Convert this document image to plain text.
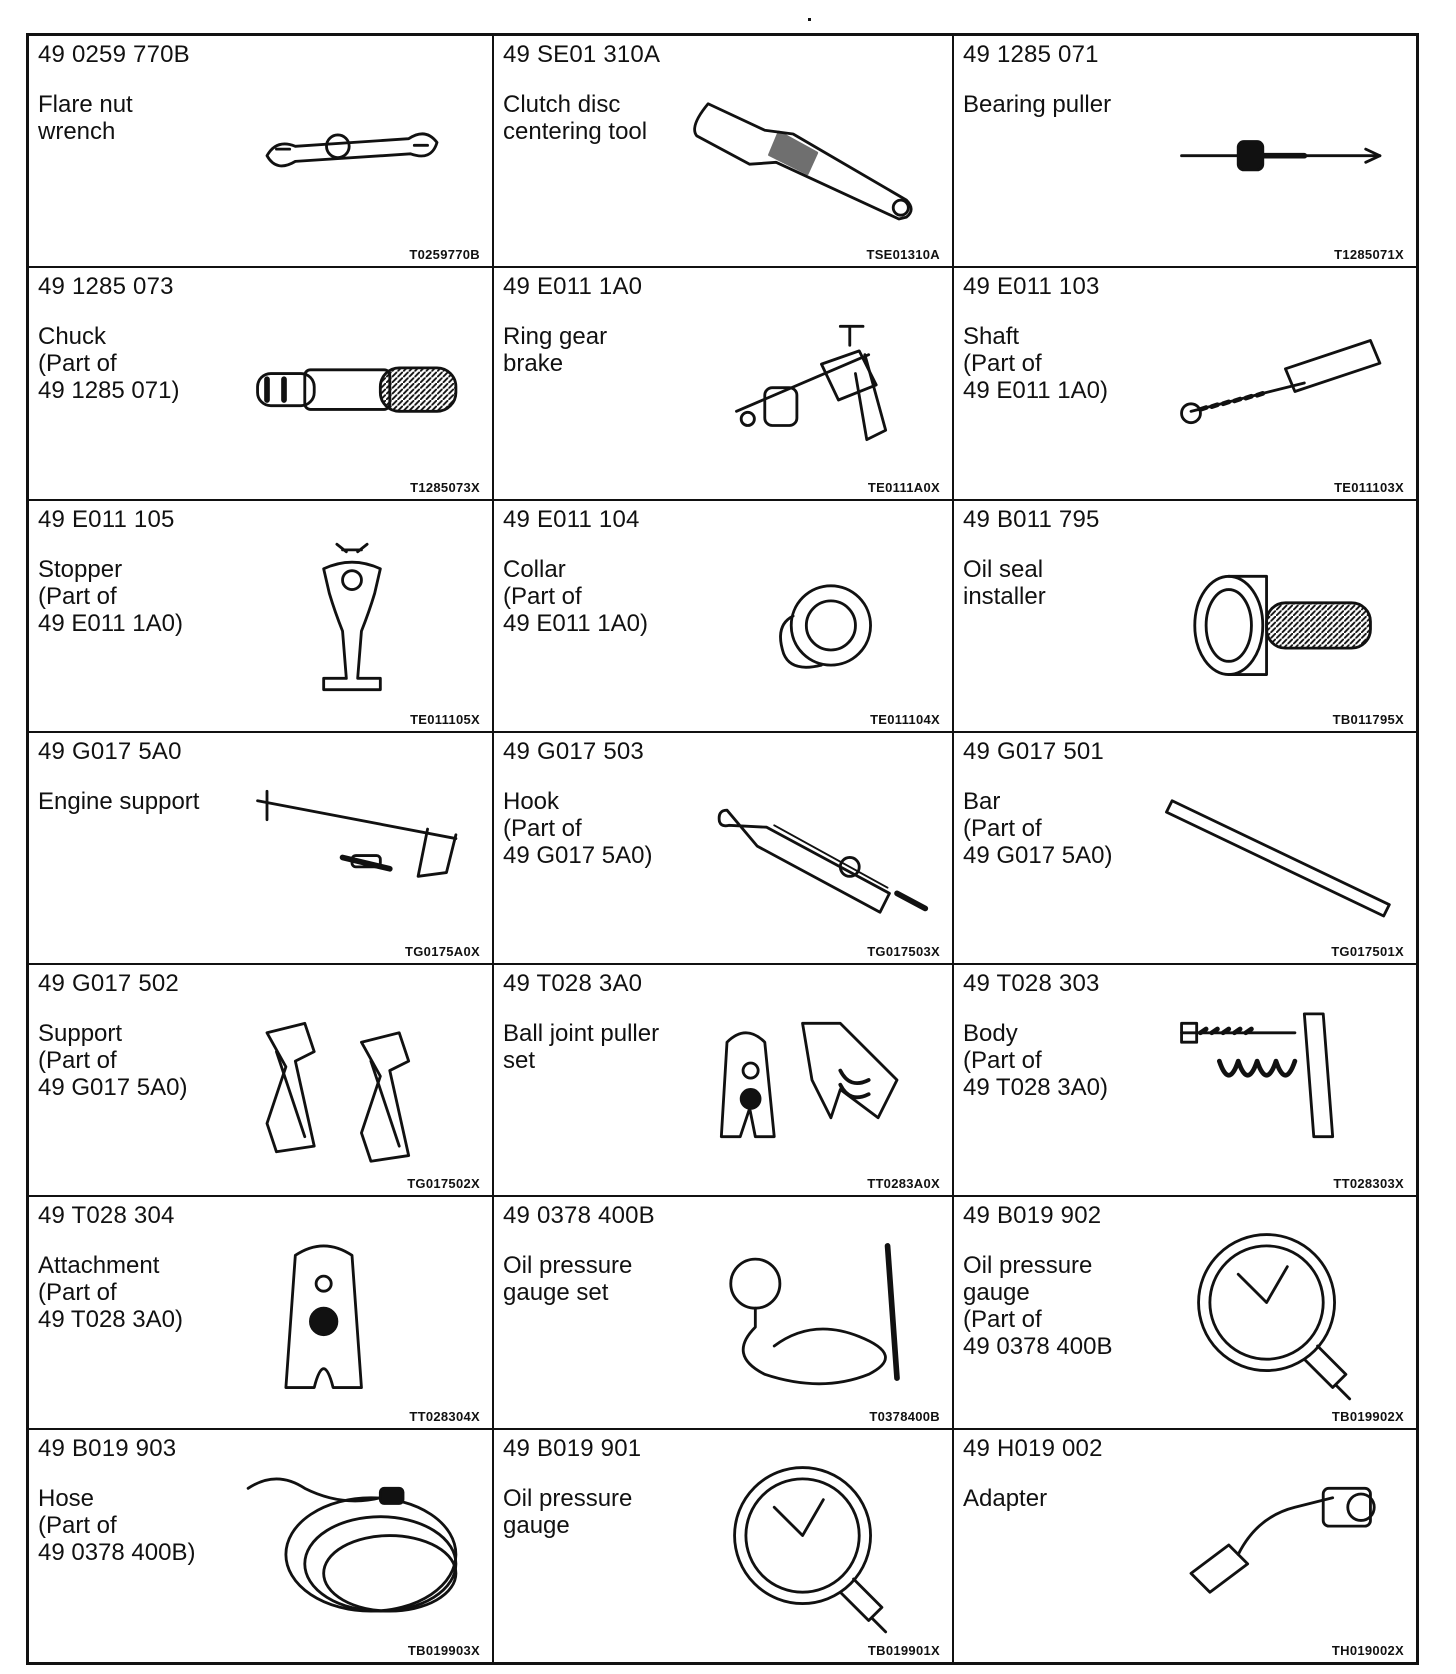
49 0259 770B
Flare nut
wrench
T0259770B
49 SE01 310A
Clutch disc
centering tool
TSE01310A
49 1285 071
Bearing puller
T1285071X
49 1285 073
Chuck
(Part of
49 1285 071)
T1285073X
49 E011 1A0
Ring gear
brake
TE0111A0X
49 E011 103
Shaft
(Part of
49 E011 1A0)
TE011103X
49 E011 105
Stopper
(Part of
49 E011 1A0)
TE011105X
49 E011 104
Collar
(Part of
49 E011 1A0)
TE011104X
49 B011 795
Oil seal
installer
TB011795X
49 G017 5A0
Engine support
TG0175A0X
49 G017 503
Hook
(Part of
49 G017 5A0)
TG017503X
49 G017 501
Bar
(Part of
49 G017 5A0)
TG017501X
49 G017 502
Support
(Part of
49 G017 5A0)
TG017502X
49 T028 3A0
Ball joint puller
set
TT0283A0X
49 T028 303
Body
(Part of
49 T028 3A0)
TT028303X
49 T028 304
Attachment
(Part of
49 T028 3A0)
TT028304X
49 0378 400B
Oil pressure
gauge set
T0378400B
49 B019 902
Oil pressure
gauge
(Part of
49 0378 400B
TB019902X
49 B019 903
Hose
(Part of
49 0378 400B)
TB019903X
49 B019 901
Oil pressure
gauge
TB019901X
49 H019 002
Adapter
TH019002X
